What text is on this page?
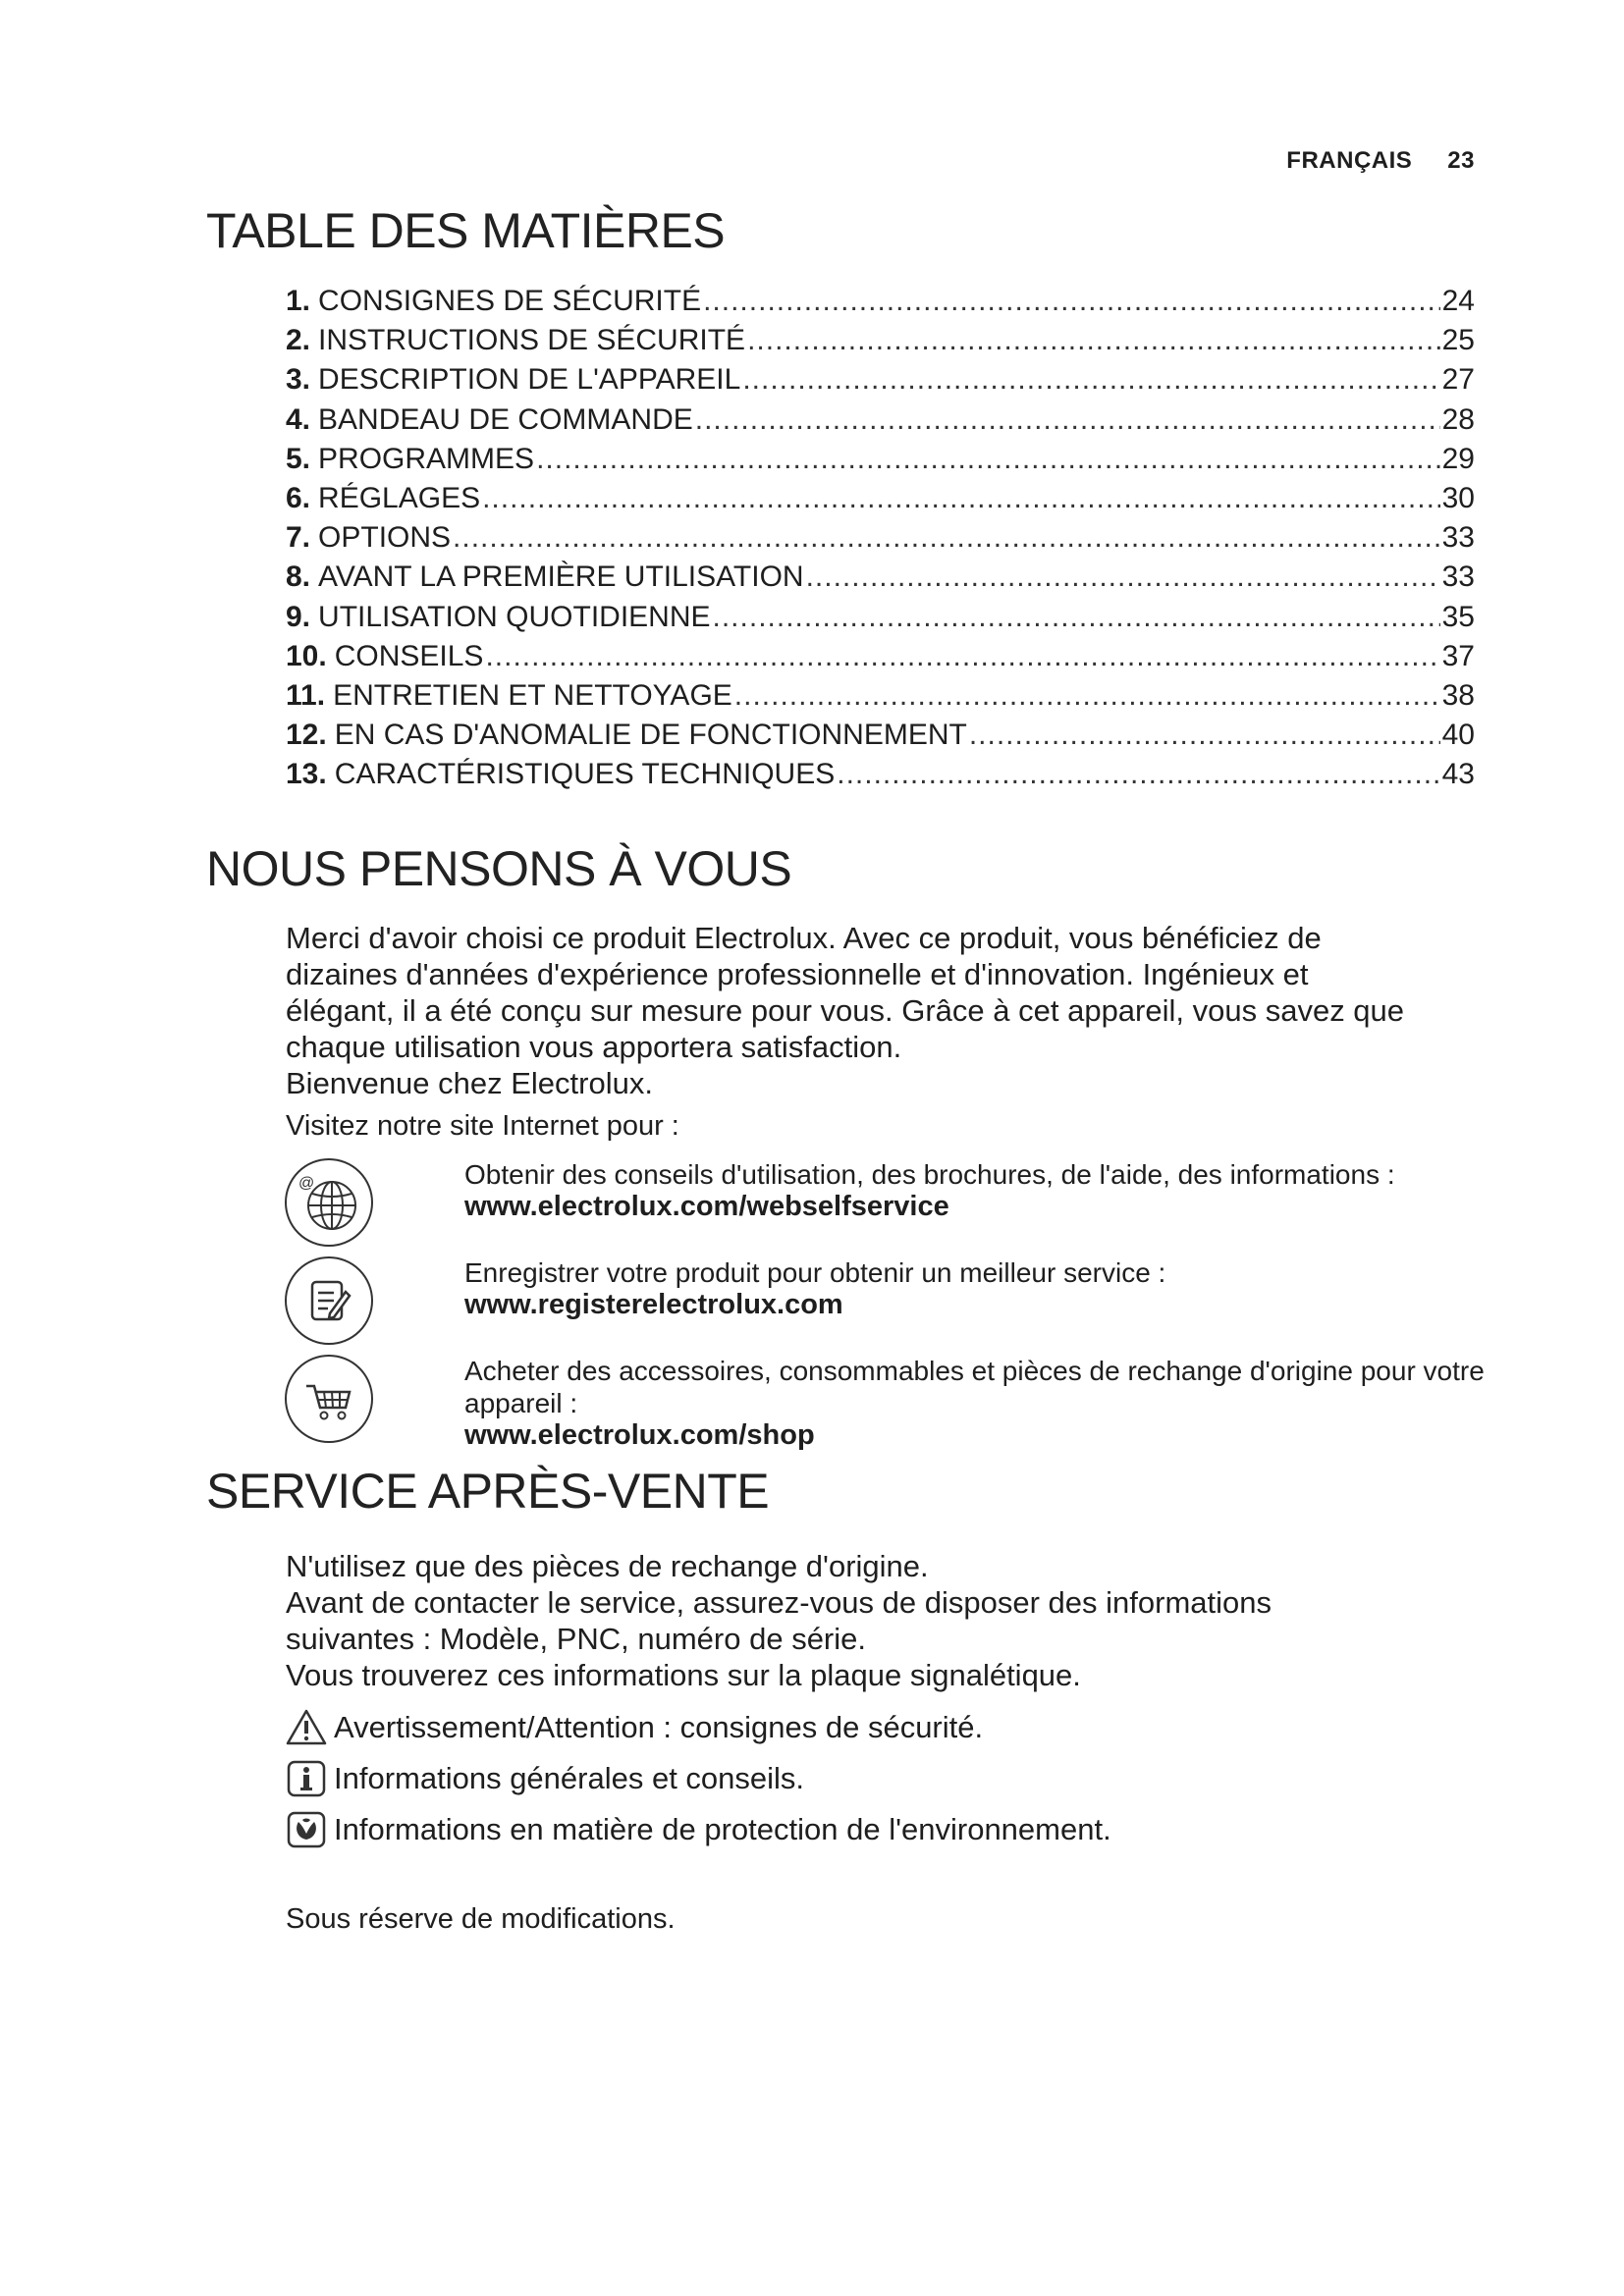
FRANÇAIS 23
TABLE DES MATIÈRES
1. CONSIGNES DE SÉCURITÉ .....	24
2. INSTRUCTIONS DE SÉCURITÉ .....	25
3. DESCRIPTION DE L'APPAREIL .....	27
4. BANDEAU DE COMMANDE .....	28
5. PROGRAMMES .....	29
6. RÉGLAGES .....	30
7. OPTIONS .....	33
8. AVANT LA PREMIÈRE UTILISATION .....	33
9. UTILISATION QUOTIDIENNE .....	35
10. CONSEILS .....	37
11. ENTRETIEN ET NETTOYAGE .....	38
12. EN CAS D'ANOMALIE DE FONCTIONNEMENT .....	40
13. CARACTÉRISTIQUES TECHNIQUES .....	43
NOUS PENSONS À VOUS

Merci d'avoir choisi ce produit Electrolux. Avec ce produit, vous bénéficiez de

dizaines d'années d'expérience professionnelle et d'innovation. Ingénieux et

élégant, il a été conçu sur mesure pour vous. Grâce à cet appareil, vous savez que

chaque utilisation vous apportera satisfaction.

Bienvenue chez Electrolux.

Visitez notre site Internet pour :
@	Obtenir des conseils d'utilisation, des brochures, de l'aide, des informations :
www.electrolux.com/webselfservice
Enregistrer votre produit pour obtenir un meilleur service :
www.registerelectrolux.com
Acheter des accessoires, consommables et pièces de rechange d'origine pour votre appareil :
www.electrolux.com/shop
SERVICE APRÈS-VENTE

N'utilisez que des pièces de rechange d'origine.

Avant de contacter le service, assurez-vous de disposer des informations

suivantes : Modèle, PNC, numéro de série.

Vous trouverez ces informations sur la plaque signalétique.

Avertissement/Attention : consignes de sécurité.
Informations générales et conseils.
Informations en matière de protection de l'environnement.
Sous réserve de modifications.
